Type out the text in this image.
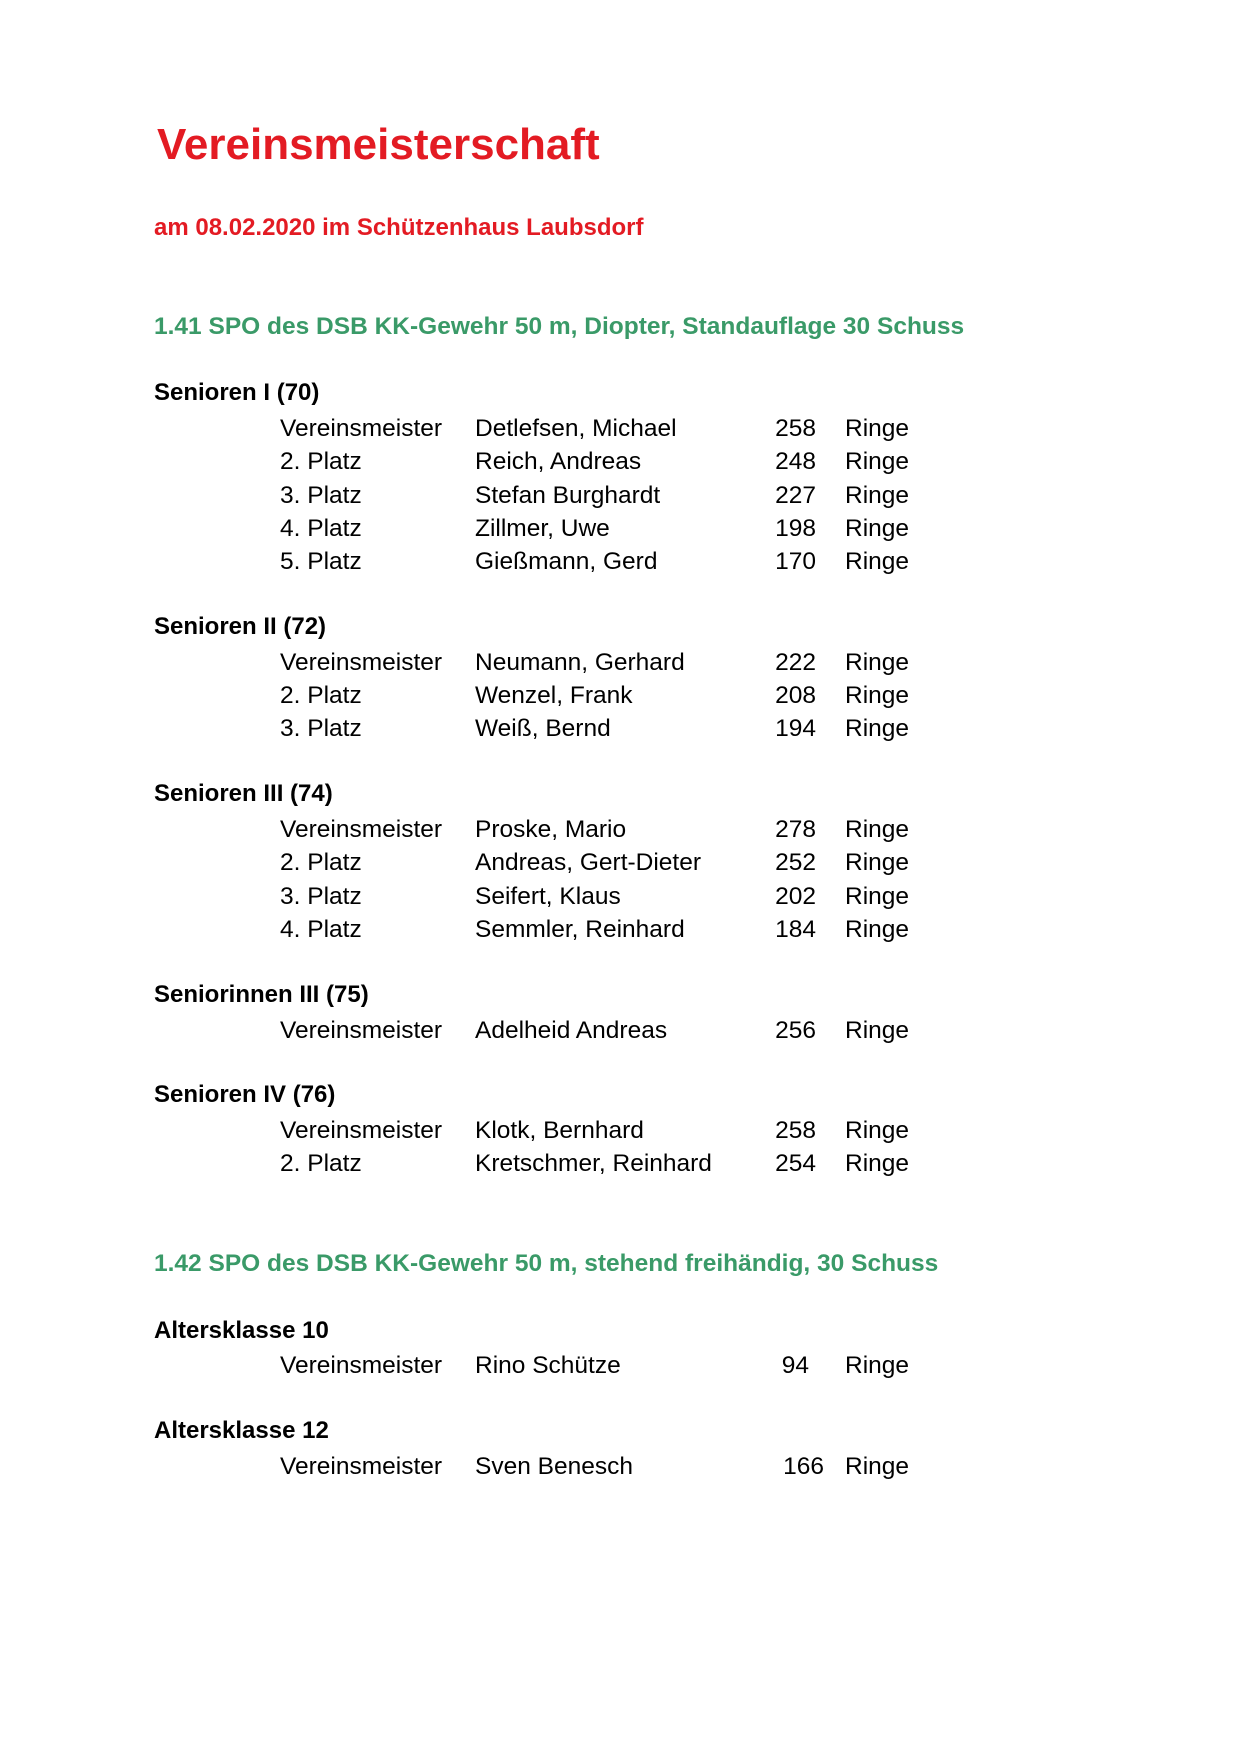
Vereinsmeisterschaft

am 08.02.2020 im Schützenhaus Laubsdorf

1.41 SPO des DSB KK-Gewehr 50 m, Diopter, Standauflage 30 Schuss

Senioren I (70)

Vereinsmeister Detlefsen, Michael	258 Ringe
2. Platz	Reich, Andreas	248 Ringe
3. Platz	Stefan Burghardt	227 Ringe
4. Platz	Zillmer, Uwe	198 Ringe
5. Platz	Gießmann, Gerd	170 Ringe

Senioren II (72)

Vereinsmeister Neumann, Gerhard	222 Ringe
2. Platz	Wenzel, Frank	208 Ringe
3. Platz	Weiß, Bernd	194 Ringe

Senioren III (74)

Vereinsmeister Proske, Mario	278 Ringe
2. Platz	Andreas, Gert-Dieter	252 Ringe
3. Platz	Seifert, Klaus	202 Ringe
4. Platz	Semmler, Reinhard	184 Ringe

Seniorinnen III (75)

Vereinsmeister Adelheid Andreas	256 Ringe

Senioren IV (76)

Vereinsmeister Klotk, Bernhard	258 Ringe
2. Platz	Kretschmer, Reinhard	254 Ringe

1.42 SPO des DSB KK-Gewehr 50 m, stehend freihändig, 30 Schuss

Altersklasse 10

Vereinsmeister Rino Schütze	94 Ringe

Altersklasse 12

Vereinsmeister Sven Benesch	166 Ringe
